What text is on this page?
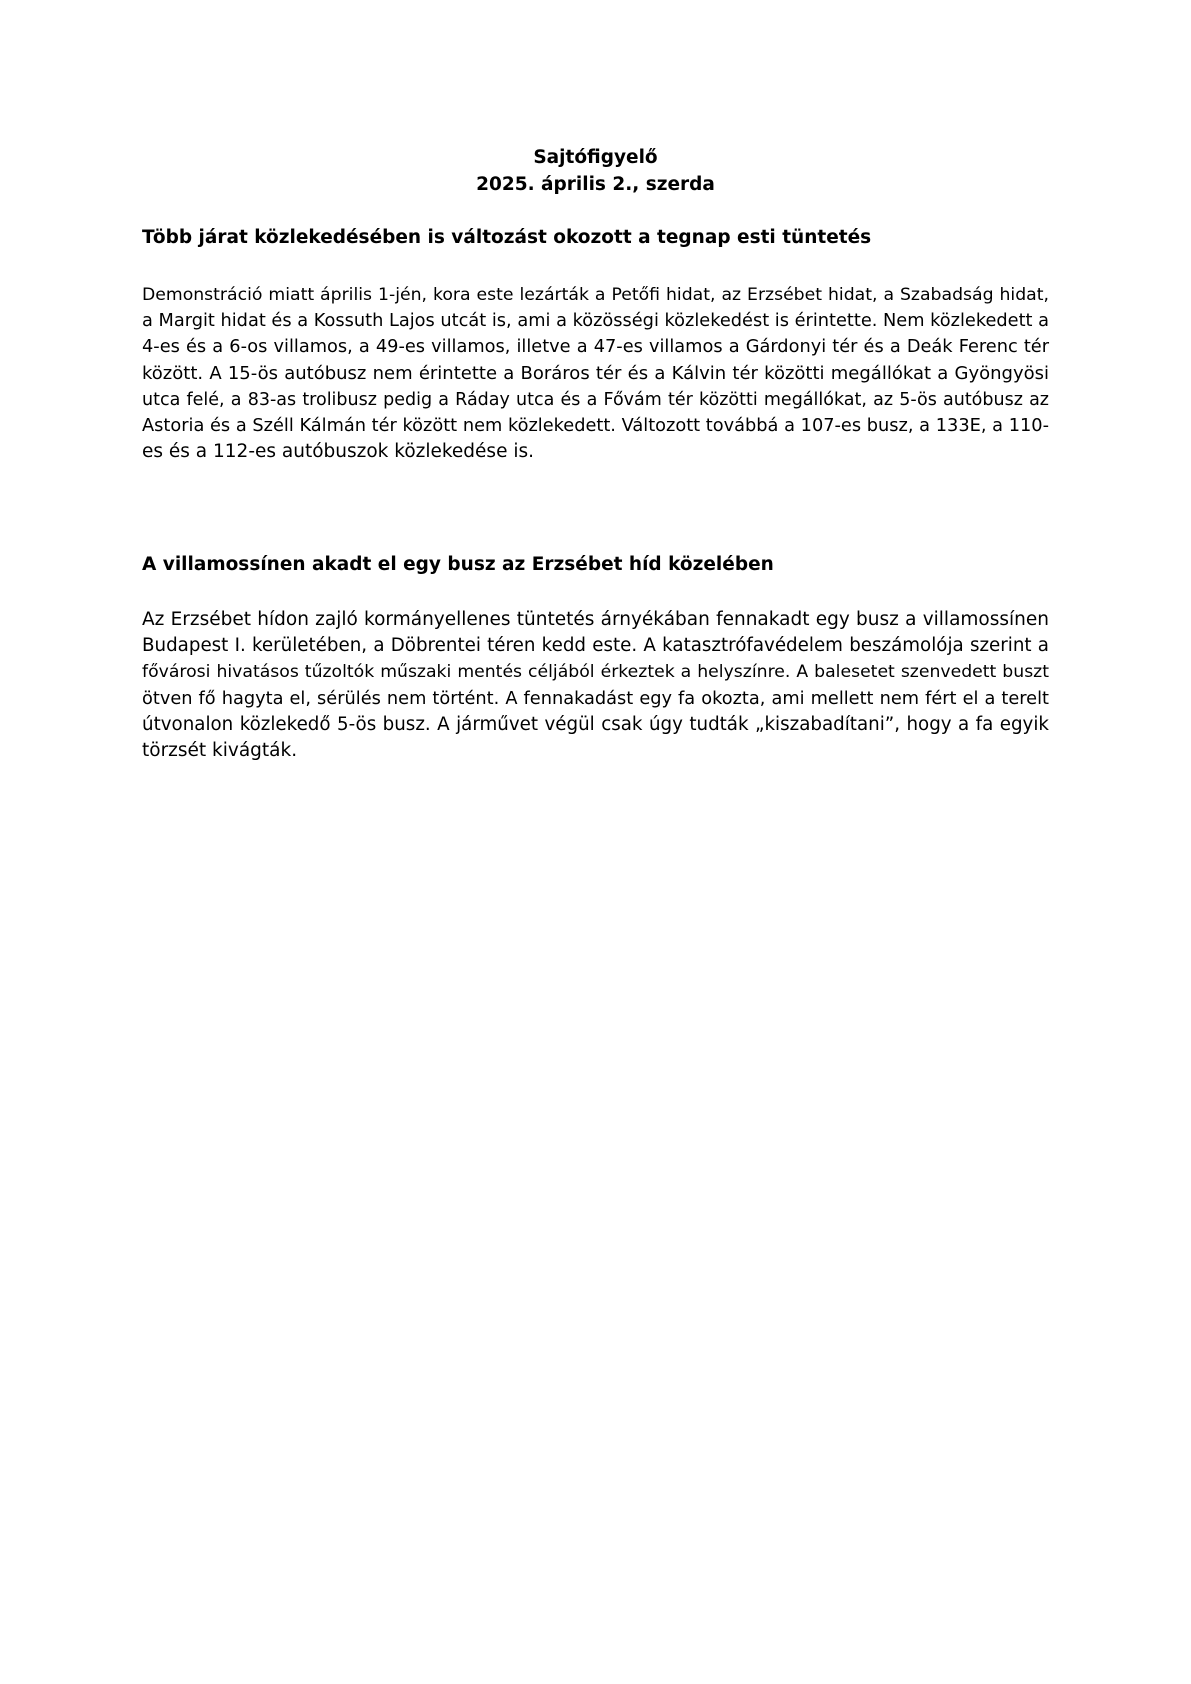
Sajtófigyelő
2025. április 2., szerda
Több járat közlekedésében is változást okozott a tegnap esti tüntetés
Demonstráció miatt április 1-jén, kora este lezárták a Petőfi hidat, az Erzsébet hidat, a Szabadság hidat,
a Margit hidat és a Kossuth Lajos utcát is, ami a közösségi közlekedést is érintette. Nem közlekedett a
4-es és a 6-os villamos, a 49-es villamos, illetve a 47-es villamos a Gárdonyi tér és a Deák Ferenc tér
között. A 15-ös autóbusz nem érintette a Boráros tér és a Kálvin tér közötti megállókat a Gyöngyösi
utca felé, a 83-as trolibusz pedig a Ráday utca és a Fővám tér közötti megállókat, az 5-ös autóbusz az
Astoria és a Széll Kálmán tér között nem közlekedett. Változott továbbá a 107-es busz, a 133E, a 110-
es és a 112-es autóbuszok közlekedése is.
A villamossínen akadt el egy busz az Erzsébet híd közelében
Az Erzsébet hídon zajló kormányellenes tüntetés árnyékában fennakadt egy busz a villamossínen
Budapest I. kerületében, a Döbrentei téren kedd este. A katasztrófavédelem beszámolója szerint a
fővárosi hivatásos tűzoltók műszaki mentés céljából érkeztek a helyszínre. A balesetet szenvedett buszt
ötven fő hagyta el, sérülés nem történt. A fennakadást egy fa okozta, ami mellett nem fért el a terelt
útvonalon közlekedő 5-ös busz. A járművet végül csak úgy tudták „kiszabadítani”, hogy a fa egyik
törzsét kivágták.
